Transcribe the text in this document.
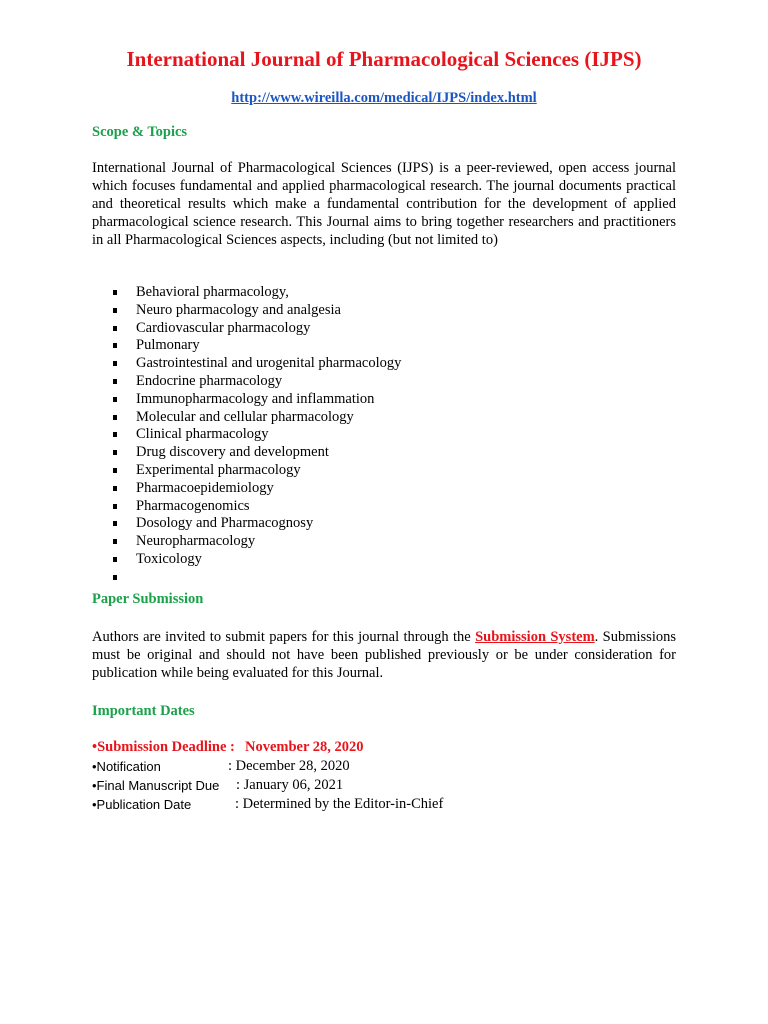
International Journal of Pharmacological Sciences (IJPS)
http://www.wireilla.com/medical/IJPS/index.html
Scope & Topics

International Journal of Pharmacological Sciences (IJPS) is a peer-reviewed, open access journal which focuses fundamental and applied pharmacological research. The journal documents practical and theoretical results which make a fundamental contribution for the development of applied pharmacological science research. This Journal aims to bring together researchers and practitioners in all Pharmacological Sciences aspects, including (but not limited to)

Behavioral pharmacology,
Neuro pharmacology and analgesia
Cardiovascular pharmacology
Pulmonary
Gastrointestinal and urogenital pharmacology
Endocrine pharmacology
Immunopharmacology and inflammation
Molecular and cellular pharmacology
Clinical pharmacology
Drug discovery and development
Experimental pharmacology
Pharmacoepidemiology
Pharmacogenomics
Dosology and Pharmacognosy
Neuropharmacology
Toxicology
Paper Submission

Authors are invited to submit papers for this journal through the Submission System. Submissions must be original and should not have been published previously or be under consideration for publication while being evaluated for this Journal.

Important Dates
•Submission Deadline : November 28, 2020
•Notification	: December 28, 2020
•Final Manuscript Due : January 06, 2021
•Publication Date	: Determined by the Editor-in-Chief
